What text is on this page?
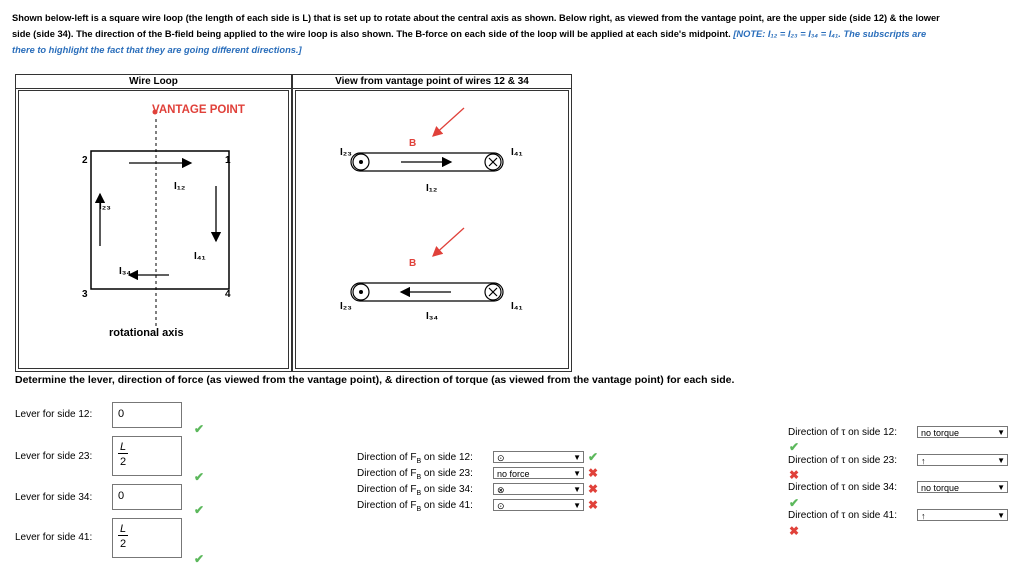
Shown below-left is a square wire loop (the length of each side is L) that is set up to rotate about the central axis as shown. Below right, as viewed from the vantage point, are the upper side (side 12) & the lower
side (side 34). The direction of the B-field being applied to the wire loop is also shown. The B-force on each side of the loop will be applied at each side's midpoint. [NOTE: I₁₂ = I₂₃ = I₃₄ = I₄₁. The subscripts are
there to highlight the fact that they are going different directions.]
Wire Loop
VANTAGE POINT
2	1
3	4
I₁₂
I₂₃
I₄₁
I₃₄
rotational axis
View from vantage point of wires 12 & 34
B
B
I₂₃	I₄₁
I₁₂
I₂₃	I₄₁
I₃₄
Determine the lever, direction of force (as viewed from the vantage point), & direction of torque (as viewed from the vantage point) for each side.
Lever for side 12: 0
✔
Lever for side 23: $\frac{L}{2}$
✔
Lever for side 34: 0
✔
Lever for side 41: $\frac{L}{2}$
✔
Direction of $F_B$ on side 12:	⊙	▼ ✔
Direction of $F_B$ on side 23:	no force	▼ ✖
Direction of $F_B$ on side 34:	⊗	▼ ✖
Direction of $F_B$ on side 41:	⊙	▼ ✖
Direction of τ on side 12:	no torque	▼
✔
Direction of τ on side 23:	↑	▼
✖
Direction of τ on side 34:	no torque	▼
✔
Direction of τ on side 41:	↑	▼
✖
